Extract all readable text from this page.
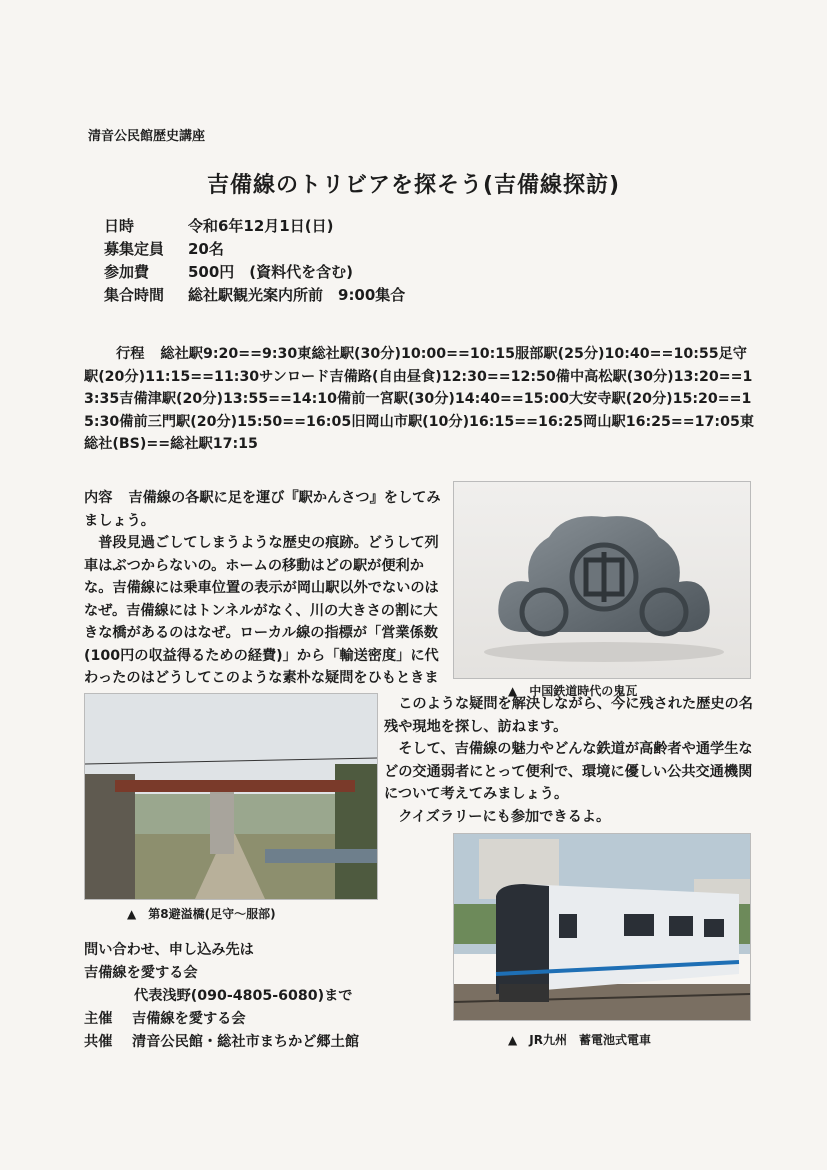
清音公民館歴史講座
吉備線のトリビアを探そう(吉備線探訪)
日時	令和6年12月1日(日)
募集定員	20名
参加費	500円　(資料代を含む)
集合時間	総社駅観光案内所前　9:00集合
行程 総社駅9:20==9:30東総社駅(30分)10:00==10:15服部駅(25分)10:40==10:55足守駅(20分)11:15==11:30サンロード吉備路(自由昼食)12:30==12:50備中高松駅(30分)13:20==13:35吉備津駅(20分)13:55==14:10備前一宮駅(30分)14:40==15:00大安寺駅(20分)15:20==15:30備前三門駅(20分)15:50==16:05旧岡山市駅(10分)16:15==16:25岡山駅16:25==17:05東総社(BS)==総社駅17:15

内容 吉備線の各駅に足を運び『駅かんさつ』をしてみましょう。

普段見過ごしてしまうような歴史の痕跡。どうして列車はぶつからないの。ホームの移動はどの駅が便利かな。吉備線には乗車位置の表示が岡山駅以外でないのはなぜ。吉備線にはトンネルがなく、川の大きさの割に大きな橋があるのはなぜ。ローカル線の指標が「営業係数(100円の収益得るための経費)」から「輸送密度」に代わったのはどうしてこのような素朴な疑問をひもときま

▲ 中国鉄道時代の鬼瓦
▲ 第8避溢橋(足守～服部)

このような疑問を解決しながら、今に残された歴史の名残や現地を探し、訪ねます。

そして、吉備線の魅力やどんな鉄道が高齢者や通学生などの交通弱者にとって便利で、環境に優しい公共交通機関について考えてみましょう。

クイズラリーにも参加できるよ。

▲ JR九州　蓄電池式電車
問い合わせ、申し込み先は
吉備線を愛する会
代表浅野(090-4805-6080)まで
主催	吉備線を愛する会
共催	清音公民館・総社市まちかど郷土館
